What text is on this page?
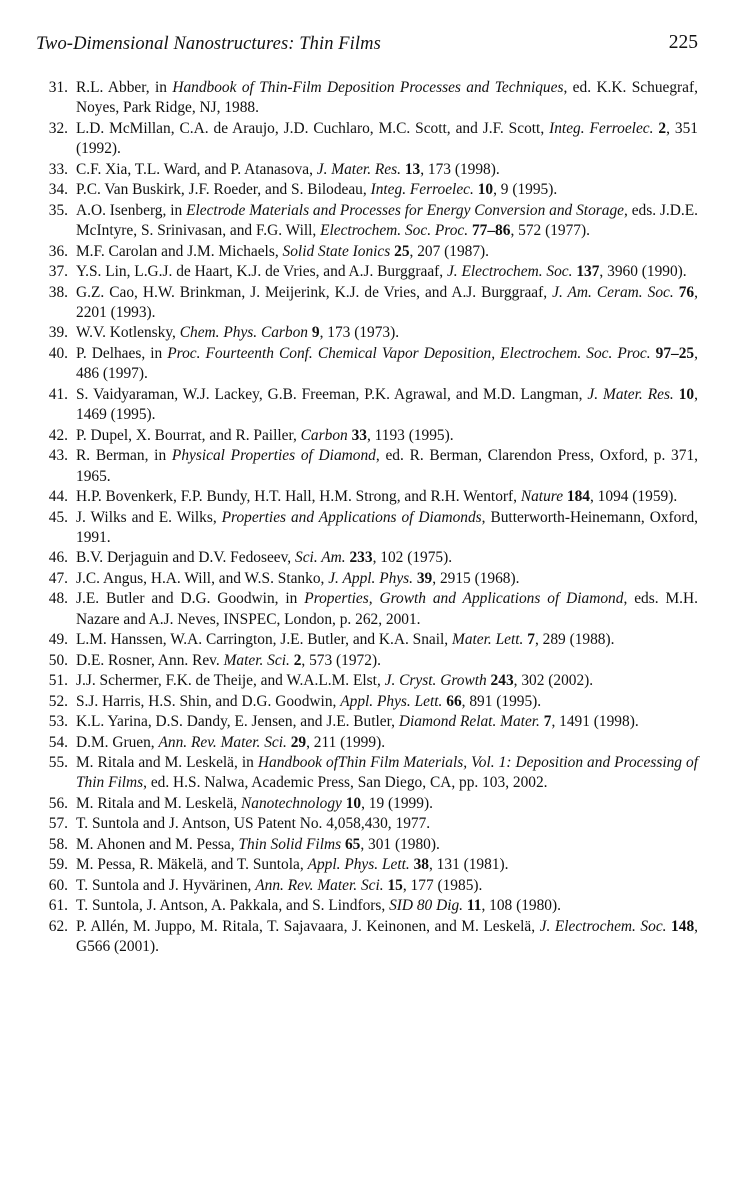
Two-Dimensional Nanostructures: Thin Films	225
31. R.L. Abber, in Handbook of Thin-Film Deposition Processes and Techniques, ed. K.K. Schuegraf, Noyes, Park Ridge, NJ, 1988.
32. L.D. McMillan, C.A. de Araujo, J.D. Cuchlaro, M.C. Scott, and J.F. Scott, Integ. Ferroelec. 2, 351 (1992).
33. C.F. Xia, T.L. Ward, and P. Atanasova, J. Mater. Res. 13, 173 (1998).
34. P.C. Van Buskirk, J.F. Roeder, and S. Bilodeau, Integ. Ferroelec. 10, 9 (1995).
35. A.O. Isenberg, in Electrode Materials and Processes for Energy Conversion and Storage, eds. J.D.E. McIntyre, S. Srinivasan, and F.G. Will, Electrochem. Soc. Proc. 77–86, 572 (1977).
36. M.F. Carolan and J.M. Michaels, Solid State Ionics 25, 207 (1987).
37. Y.S. Lin, L.G.J. de Haart, K.J. de Vries, and A.J. Burggraaf, J. Electrochem. Soc. 137, 3960 (1990).
38. G.Z. Cao, H.W. Brinkman, J. Meijerink, K.J. de Vries, and A.J. Burggraaf, J. Am. Ceram. Soc. 76, 2201 (1993).
39. W.V. Kotlensky, Chem. Phys. Carbon 9, 173 (1973).
40. P. Delhaes, in Proc. Fourteenth Conf. Chemical Vapor Deposition, Electrochem. Soc. Proc. 97–25, 486 (1997).
41. S. Vaidyaraman, W.J. Lackey, G.B. Freeman, P.K. Agrawal, and M.D. Langman, J. Mater. Res. 10, 1469 (1995).
42. P. Dupel, X. Bourrat, and R. Pailler, Carbon 33, 1193 (1995).
43. R. Berman, in Physical Properties of Diamond, ed. R. Berman, Clarendon Press, Oxford, p. 371, 1965.
44. H.P. Bovenkerk, F.P. Bundy, H.T. Hall, H.M. Strong, and R.H. Wentorf, Nature 184, 1094 (1959).
45. J. Wilks and E. Wilks, Properties and Applications of Diamonds, Butterworth-Heinemann, Oxford, 1991.
46. B.V. Derjaguin and D.V. Fedoseev, Sci. Am. 233, 102 (1975).
47. J.C. Angus, H.A. Will, and W.S. Stanko, J. Appl. Phys. 39, 2915 (1968).
48. J.E. Butler and D.G. Goodwin, in Properties, Growth and Applications of Diamond, eds. M.H. Nazare and A.J. Neves, INSPEC, London, p. 262, 2001.
49. L.M. Hanssen, W.A. Carrington, J.E. Butler, and K.A. Snail, Mater. Lett. 7, 289 (1988).
50. D.E. Rosner, Ann. Rev. Mater. Sci. 2, 573 (1972).
51. J.J. Schermer, F.K. de Theije, and W.A.L.M. Elst, J. Cryst. Growth 243, 302 (2002).
52. S.J. Harris, H.S. Shin, and D.G. Goodwin, Appl. Phys. Lett. 66, 891 (1995).
53. K.L. Yarina, D.S. Dandy, E. Jensen, and J.E. Butler, Diamond Relat. Mater. 7, 1491 (1998).
54. D.M. Gruen, Ann. Rev. Mater. Sci. 29, 211 (1999).
55. M. Ritala and M. Leskelä, in Handbook ofThin Film Materials, Vol. 1: Deposition and Processing of Thin Films, ed. H.S. Nalwa, Academic Press, San Diego, CA, pp. 103, 2002.
56. M. Ritala and M. Leskelä, Nanotechnology 10, 19 (1999).
57. T. Suntola and J. Antson, US Patent No. 4,058,430, 1977.
58. M. Ahonen and M. Pessa, Thin Solid Films 65, 301 (1980).
59. M. Pessa, R. Mäkelä, and T. Suntola, Appl. Phys. Lett. 38, 131 (1981).
60. T. Suntola and J. Hyvärinen, Ann. Rev. Mater. Sci. 15, 177 (1985).
61. T. Suntola, J. Antson, A. Pakkala, and S. Lindfors, SID 80 Dig. 11, 108 (1980).
62. P. Allén, M. Juppo, M. Ritala, T. Sajavaara, J. Keinonen, and M. Leskelä, J. Electrochem. Soc. 148, G566 (2001).
